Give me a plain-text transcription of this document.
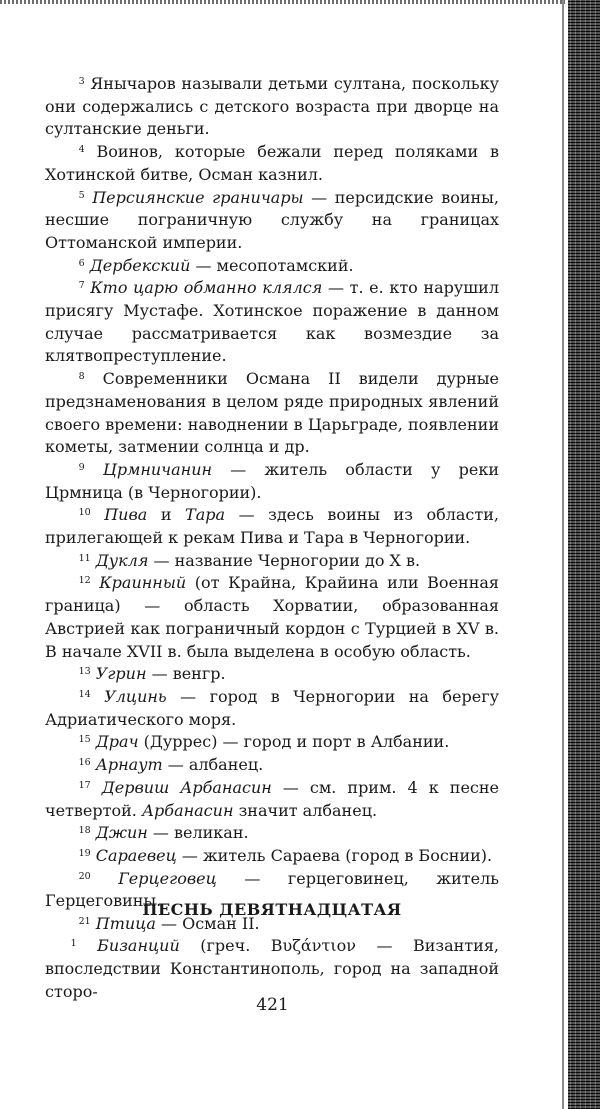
$^3$ Янычаров называли детьми султана, поскольку они содержались с детского возраста при дворце на султанские деньги.
$^4$ Воинов, которые бежали перед поляками в Хотинской битве, Осман казнил.
$^5$ Персиянские граничары — персидские воины, несшие пограничную службу на границах Оттоманской империи.
$^6$ Дербекский — месопотамский.
$^7$ Кто царю обманно клялся — т. е. кто нарушил присягу Мустафе. Хотинское поражение в данном случае рассматривается как возмездие за клятвопреступление.
$^8$ Современники Османа II видели дурные предзнаменования в целом ряде природных явлений своего времени: наводнении в Царьграде, появлении кометы, затмении солнца и др.
$^9$ Црмничанин — житель области у реки Црмница (в Черногории).
$^{10}$ Пива и Тара — здесь воины из области, прилегающей к рекам Пива и Тара в Черногории.
$^{11}$ Дукля — название Черногории до X в.
$^{12}$ Краинный (от Крайна, Крайина или Военная граница) — область Хорватии, образованная Австрией как пограничный кордон с Турцией в XV в. В начале XVII в. была выделена в особую область.
$^{13}$ Угрин — венгр.
$^{14}$ Улцинь — город в Черногории на берегу Адриатического моря.
$^{15}$ Драч (Дуррес) — город и порт в Албании.
$^{16}$ Арнаут — албанец.
$^{17}$ Дервиш Арбанасин — см. прим. 4 к песне четвертой. Арбанасин значит албанец.
$^{18}$ Джин — великан.
$^{19}$ Сараевец — житель Сараева (город в Боснии).
$^{20}$ Герцеговец — герцеговинец, житель Герцеговины.
$^{21}$ Птица — Осман II.
ПЕСНЬ ДЕВЯТНАДЦАТАЯ
$^1$ Бизанций (греч. Βυζάντιον — Византия, впоследствии Константинополь, город на западной сторо-
421
